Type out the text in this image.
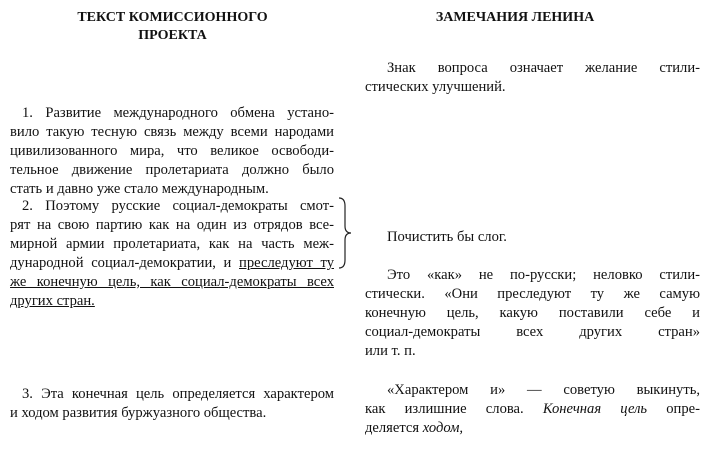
ТЕКСТ КОМИССИОННОГО
ПРОЕКТА
ЗАМЕЧАНИЯ ЛЕНИНА
1. Развитие международного обмена устано-
вило такую тесную связь между всеми народами
цивилизованного мира, что великое освободи-
тельное движение пролетариата должно было
стать и давно уже стало международным.
2. Поэтому русские социал-демократы смот-
рят на свою партию как на один из отрядов все-
мирной армии пролетариата, как на часть меж-
дународной социал-демократии, и преследуют ту
же конечную цель, как социал-демократы всех
других стран.
3. Эта конечная цель определяется характером
и ходом развития буржуазного общества.
Знак вопроса означает желание стили-
стических улучшений.
Почистить бы слог.
Это «как» не по-русски; неловко стили-
стически. «Они преследуют ту же самую
конечную цель, какую поставили себе и
социал-демократы всех других стран»
или т. п.
«Характером и» — советую выкинуть,
как излишние слова. Конечная цель опре-
деляется ходом,
